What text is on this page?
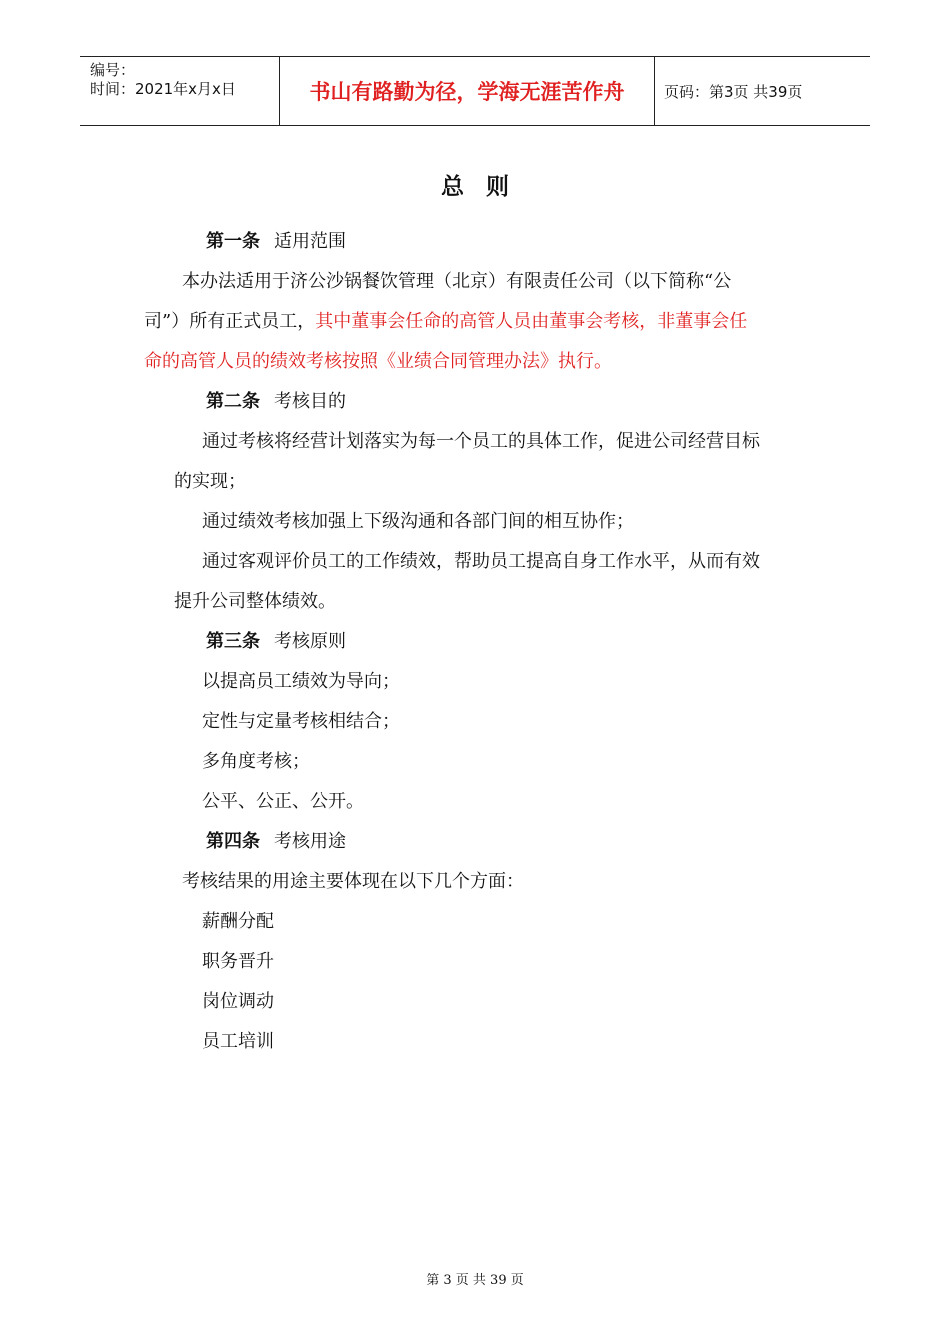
编号：
时间：2021年x月x日	书山有路勤为径，学海无涯苦作舟	页码：第3页 共39页
总则
第一条 适用范围
本办法适用于济公沙锅餐饮管理（北京）有限责任公司（以下简称“公
司”）所有正式员工，其中董事会任命的高管人员由董事会考核，非董事会任
命的高管人员的绩效考核按照《业绩合同管理办法》执行。
第二条 考核目的
通过考核将经营计划落实为每一个员工的具体工作，促进公司经营目标
的实现；
通过绩效考核加强上下级沟通和各部门间的相互协作；
通过客观评价员工的工作绩效，帮助员工提高自身工作水平，从而有效
提升公司整体绩效。
第三条 考核原则
以提高员工绩效为导向；
定性与定量考核相结合；
多角度考核；
公平、公正、公开。
第四条 考核用途
考核结果的用途主要体现在以下几个方面：
薪酬分配
职务晋升
岗位调动
员工培训
第 3 页 共 39 页
